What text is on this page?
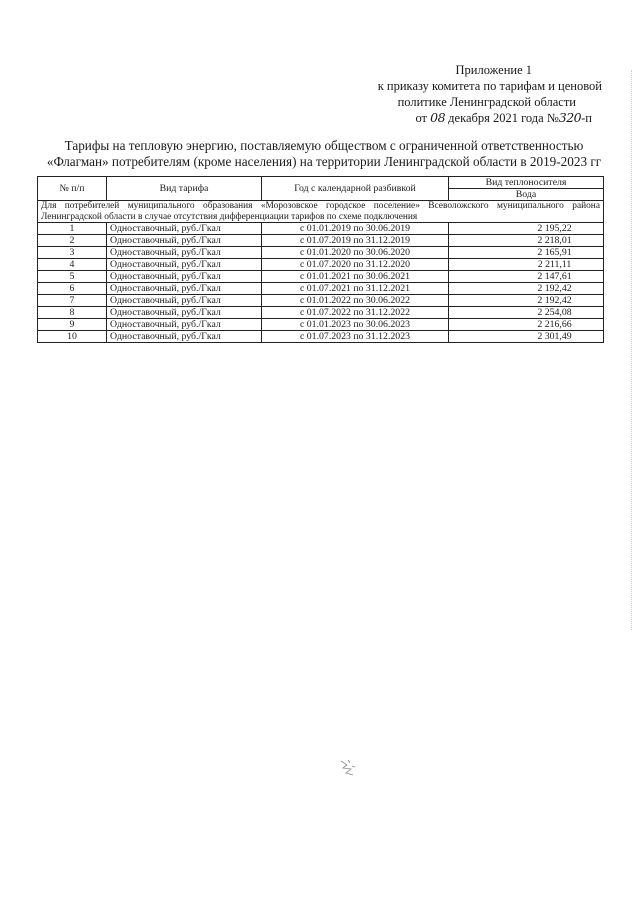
Приложение 1
к приказу комитета по тарифам и ценовой
политике Ленинградской области
от 08 декабря 2021 года №320-п
Тарифы на тепловую энергию, поставляемую обществом с ограниченной ответственностью
«Флагман» потребителям (кроме населения) на территории Ленинградской области в 2019-2023 гг
№ п/п	Вид тарифа	Год с календарной разбивкой	Вид теплоносителя
			Вода
Для потребителей муниципального образования «Морозовское городское поселение» Всеволожского муниципального района Ленинградской области в случае отсутствия дифференциации тарифов по схеме подключения			
1	Одноставочный, руб./Гкал	с 01.01.2019 по 30.06.2019	2 195,22
2	Одноставочный, руб./Гкал	с 01.07.2019 по 31.12.2019	2 218,01
3	Одноставочный, руб./Гкал	с 01.01.2020 по 30.06.2020	2 165,91
4	Одноставочный, руб./Гкал	с 01.07.2020 по 31.12.2020	2 211,11
5	Одноставочный, руб./Гкал	с 01.01.2021 по 30.06.2021	2 147,61
6	Одноставочный, руб./Гкал	с 01.07.2021 по 31.12.2021	2 192,42
7	Одноставочный, руб./Гкал	с 01.01.2022 по 30.06.2022	2 192,42
8	Одноставочный, руб./Гкал	с 01.07.2022 по 31.12.2022	2 254,08
9	Одноставочный, руб./Гкал	с 01.01.2023 по 30.06.2023	2 216,66
10	Одноставочный, руб./Гкал	с 01.07.2023 по 31.12.2023	2 301,49
